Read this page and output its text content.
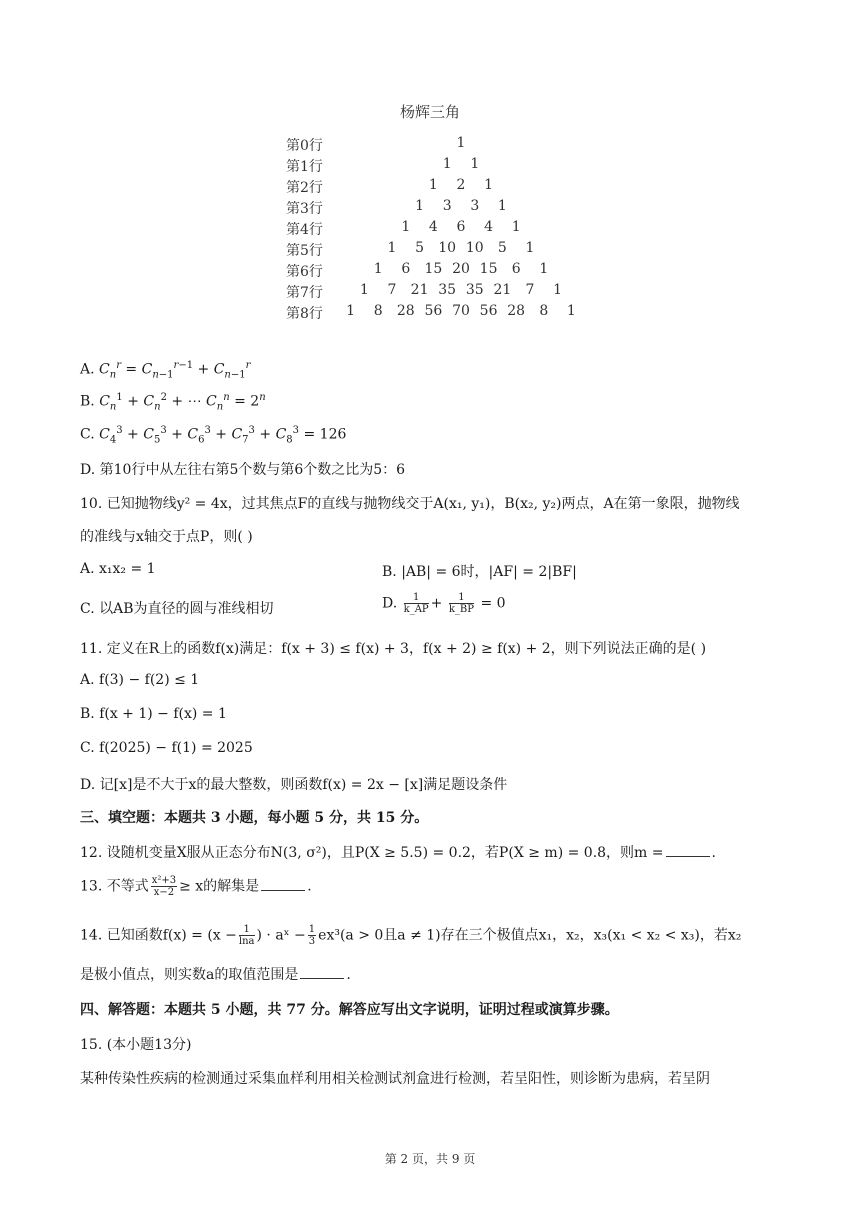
杨辉三角
第0行	1
第1行	1 1
第2行	1 2 1
第3行	1 3 3 1
第4行	1 4 6 4 1
第5行	1 5 10 10 5 1
第6行	1 6 15 20 15 6 1
第7行	1 7 21 35 35 21 7 1
第8行 1 8 28 56 70 56 28 8 1
A. $C_n^r = C_{n-1}^{r-1} + C_{n-1}^r$
B. $C_n^1 + C_n^2$ + ⋯ $C_n^n = 2^n$
C. $C_4^3 + C_5^3 + C_6^3 + C_7^3 + C_8^3 = 126$
D. 第10行中从左往右第5个数与第6个数之比为5：6
10. 已知抛物线y² = 4x，过其焦点F的直线与抛物线交于A(x₁, y₁)，B(x₂, y₂)两点，A在第一象限，抛物线
的准线与x轴交于点P，则( )
A. x₁x₂ = 1	B. |AB| = 6时，|AF| = 2|BF|
C. 以AB为直径的圆与准线相切	D. $\frac{1}{k\_AP} + \frac{1}{k\_BP} = 0$
11. 定义在R上的函数f(x)满足：f(x + 3) ≤ f(x) + 3，f(x + 2) ≥ f(x) + 2，则下列说法正确的是( )
A. f(3) − f(2) ≤ 1
B. f(x + 1) − f(x) = 1
C. f(2025) − f(1) = 2025
D. 记[x]是不大于x的最大整数，则函数f(x) = 2x − [x]满足题设条件
三、填空题：本题共 3 小题，每小题 5 分，共 15 分。
12. 设随机变量X服从正态分布N(3, σ²)，且P(X ≥ 5.5) = 0.2，若P(X ≥ m) = 0.8，则m =	.
13. 不等式 $\frac{\text{x²+3}}{x-2} \ge x$的解集是	.
14. 已知函数$f(x) = (x - \frac{1}{\ln a}$ ) · aˣ − $\frac{1}{3} ex^3(a > 0$且a ≠ 1)存在三个极值点x₁，x₂，x₃(x₁ < x₂ < x₃)，若x₂
是极小值点，则实数a的取值范围是	.
四、解答题：本题共 5 小题，共 77 分。解答应写出文字说明，证明过程或演算步骤。
15. (本小题13分)
某种传染性疾病的检测通过采集血样利用相关检测试剂盒进行检测，若呈阳性，则诊断为患病，若呈阴
第 2 页，共 9 页
